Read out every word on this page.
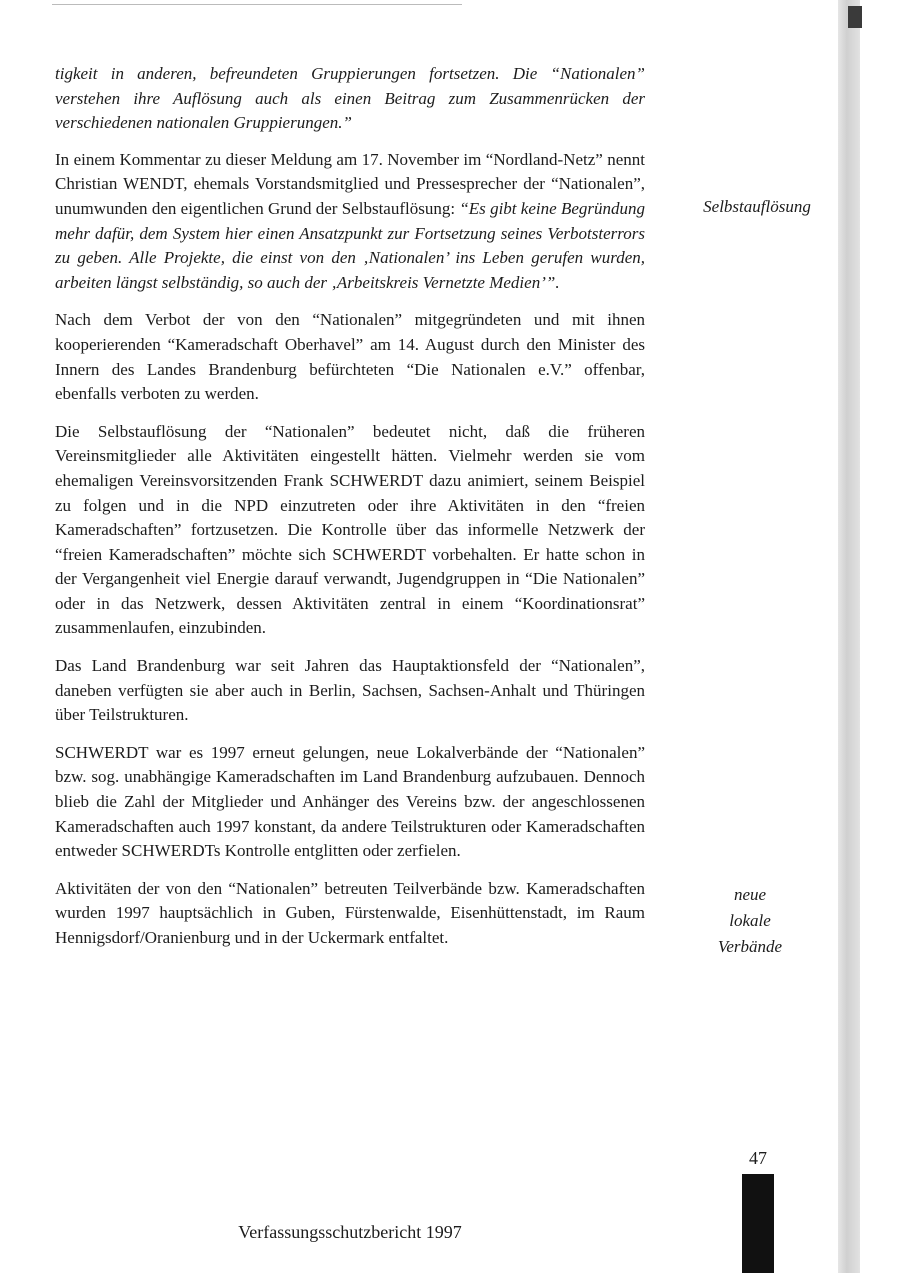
tigkeit in anderen, befreundeten Gruppierungen fortsetzen. Die “Nationalen” verstehen ihre Auflösung auch als einen Beitrag zum Zusammenrücken der verschiedenen nationalen Gruppierungen.”

In einem Kommentar zu dieser Meldung am 17. November im “Nordland-Netz” nennt Christian WENDT, ehemals Vorstandsmitglied und Pressesprecher der “Nationalen”, unumwunden den eigentlichen Grund der Selbstauflösung: “Es gibt keine Begründung mehr dafür, dem System hier einen Ansatzpunkt zur Fortsetzung seines Verbotsterrors zu geben. Alle Projekte, die einst von den ‚Nationalen’ ins Leben gerufen wurden, arbeiten längst selbständig, so auch der ‚Arbeitskreis Vernetzte Medien’”.

Nach dem Verbot der von den “Nationalen” mitgegründeten und mit ihnen kooperierenden “Kameradschaft Oberhavel” am 14. August durch den Minister des Innern des Landes Brandenburg befürchteten “Die Nationalen e.V.” offenbar, ebenfalls verboten zu werden.

Die Selbstauflösung der “Nationalen” bedeutet nicht, daß die früheren Vereinsmitglieder alle Aktivitäten eingestellt hätten. Vielmehr werden sie vom ehemaligen Vereinsvorsitzenden Frank SCHWERDT dazu animiert, seinem Beispiel zu folgen und in die NPD einzutreten oder ihre Aktivitäten in den “freien Kameradschaften” fortzusetzen. Die Kontrolle über das informelle Netzwerk der “freien Kameradschaften” möchte sich SCHWERDT vorbehalten. Er hatte schon in der Vergangenheit viel Energie darauf verwandt, Jugendgruppen in “Die Nationalen” oder in das Netzwerk, dessen Aktivitäten zentral in einem “Koordinationsrat” zusammenlaufen, einzubinden.

Das Land Brandenburg war seit Jahren das Hauptaktionsfeld der “Nationalen”, daneben verfügten sie aber auch in Berlin, Sachsen, Sachsen-Anhalt und Thüringen über Teilstrukturen.

SCHWERDT war es 1997 erneut gelungen, neue Lokalverbände der “Nationalen” bzw. sog. unabhängige Kameradschaften im Land Brandenburg aufzubauen. Dennoch blieb die Zahl der Mitglieder und Anhänger des Vereins bzw. der angeschlossenen Kameradschaften auch 1997 konstant, da andere Teilstrukturen oder Kameradschaften entweder SCHWERDTs Kontrolle entglitten oder zerfielen.

Aktivitäten der von den “Nationalen” betreuten Teilverbände bzw. Kameradschaften wurden 1997 hauptsächlich in Guben, Fürstenwalde, Eisenhüttenstadt, im Raum Hennigsdorf/Oranienburg und in der Uckermark entfaltet.

Selbstauflösung
neue
lokale
Verbände
47
Verfassungsschutzbericht 1997
